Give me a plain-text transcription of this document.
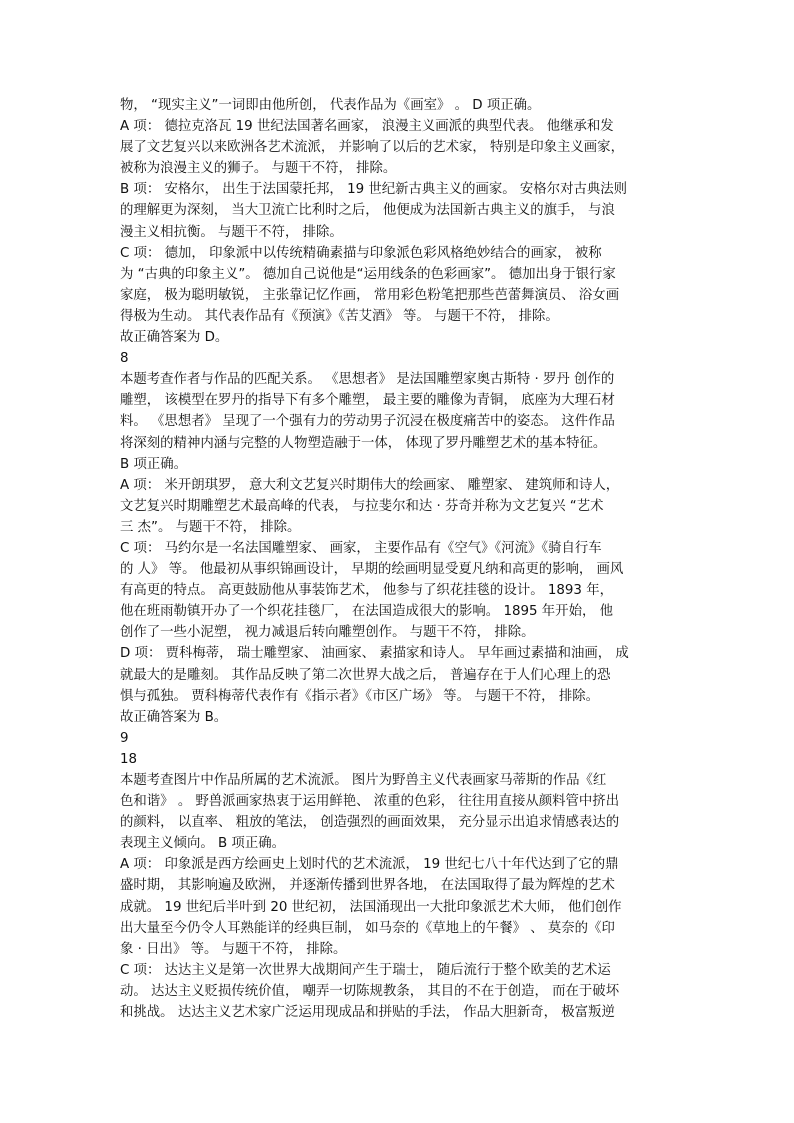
物， “现实主义”一词即由他所创， 代表作品为《画室》 。 D 项正确。
A 项： 德拉克洛瓦 19 世纪法国著名画家， 浪漫主义画派的典型代表。 他继承和发
展了文艺复兴以来欧洲各艺术流派， 并影响了以后的艺术家， 特别是印象主义画家，
被称为浪漫主义的狮子。 与题干不符， 排除。
B 项： 安格尔， 出生于法国蒙托邦， 19 世纪新古典主义的画家。 安格尔对古典法则
的理解更为深刻， 当大卫流亡比利时之后， 他便成为法国新古典主义的旗手， 与浪
漫主义相抗衡。 与题干不符， 排除。
C 项： 德加， 印象派中以传统精确素描与印象派色彩风格绝妙结合的画家， 被称
为 “古典的印象主义”。 德加自己说他是“运用线条的色彩画家”。 德加出身于银行家
家庭， 极为聪明敏锐， 主张靠记忆作画， 常用彩色粉笔把那些芭蕾舞演员、 浴女画
得极为生动。 其代表作品有《预演》《苦艾酒》 等。 与题干不符， 排除。
故正确答案为 D。
8
本题考查作者与作品的匹配关系。 《思想者》 是法国雕塑家奥古斯特 · 罗丹 创作的
雕塑， 该模型在罗丹的指导下有多个雕塑， 最主要的雕像为青铜， 底座为大理石材
料。 《思想者》 呈现了一个强有力的劳动男子沉浸在极度痛苦中的姿态。 这件作品
将深刻的精神内涵与完整的人物塑造融于一体， 体现了罗丹雕塑艺术的基本特征。
B 项正确。
A 项： 米开朗琪罗， 意大利文艺复兴时期伟大的绘画家、 雕塑家、 建筑师和诗人，
文艺复兴时期雕塑艺术最高峰的代表， 与拉斐尔和达 · 芬奇并称为文艺复兴 “艺术
三 杰”。 与题干不符， 排除。
C 项： 马约尔是一名法国雕塑家、 画家， 主要作品有《空气》《河流》《骑自行车
的 人》 等。 他最初从事织锦画设计， 早期的绘画明显受夏凡纳和高更的影响， 画风
有高更的特点。 高更鼓励他从事装饰艺术， 他参与了织花挂毯的设计。 1893 年，
他在班雨勒镇开办了一个织花挂毯厂， 在法国造成很大的影响。 1895 年开始， 他
创作了一些小泥塑， 视力减退后转向雕塑创作。 与题干不符， 排除。
D 项： 贾科梅蒂， 瑞士雕塑家、 油画家、 素描家和诗人。 早年画过素描和油画， 成
就最大的是雕刻。 其作品反映了第二次世界大战之后， 普遍存在于人们心理上的恐
惧与孤独。 贾科梅蒂代表作有《指示者》《市区广场》 等。 与题干不符， 排除。
故正确答案为 B。
9
18
本题考查图片中作品所属的艺术流派。 图片为野兽主义代表画家马蒂斯的作品《红
色和谐》 。 野兽派画家热衷于运用鲜艳、 浓重的色彩， 往往用直接从颜料管中挤出
的颜料， 以直率、 粗放的笔法， 创造强烈的画面效果， 充分显示出追求情感表达的
表现主义倾向。 B 项正确。
A 项： 印象派是西方绘画史上划时代的艺术流派， 19 世纪七八十年代达到了它的鼎
盛时期， 其影响遍及欧洲， 并逐渐传播到世界各地， 在法国取得了最为辉煌的艺术
成就。 19 世纪后半叶到 20 世纪初， 法国涌现出一大批印象派艺术大师， 他们创作
出大量至今仍令人耳熟能详的经典巨制， 如马奈的《草地上的午餐》 、 莫奈的《印
象 · 日出》 等。 与题干不符， 排除。
C 项： 达达主义是第一次世界大战期间产生于瑞士， 随后流行于整个欧美的艺术运
动。 达达主义贬损传统价值， 嘲弄一切陈规教条， 其目的不在于创造， 而在于破坏
和挑战。 达达主义艺术家广泛运用现成品和拼贴的手法， 作品大胆新奇， 极富叛逆
